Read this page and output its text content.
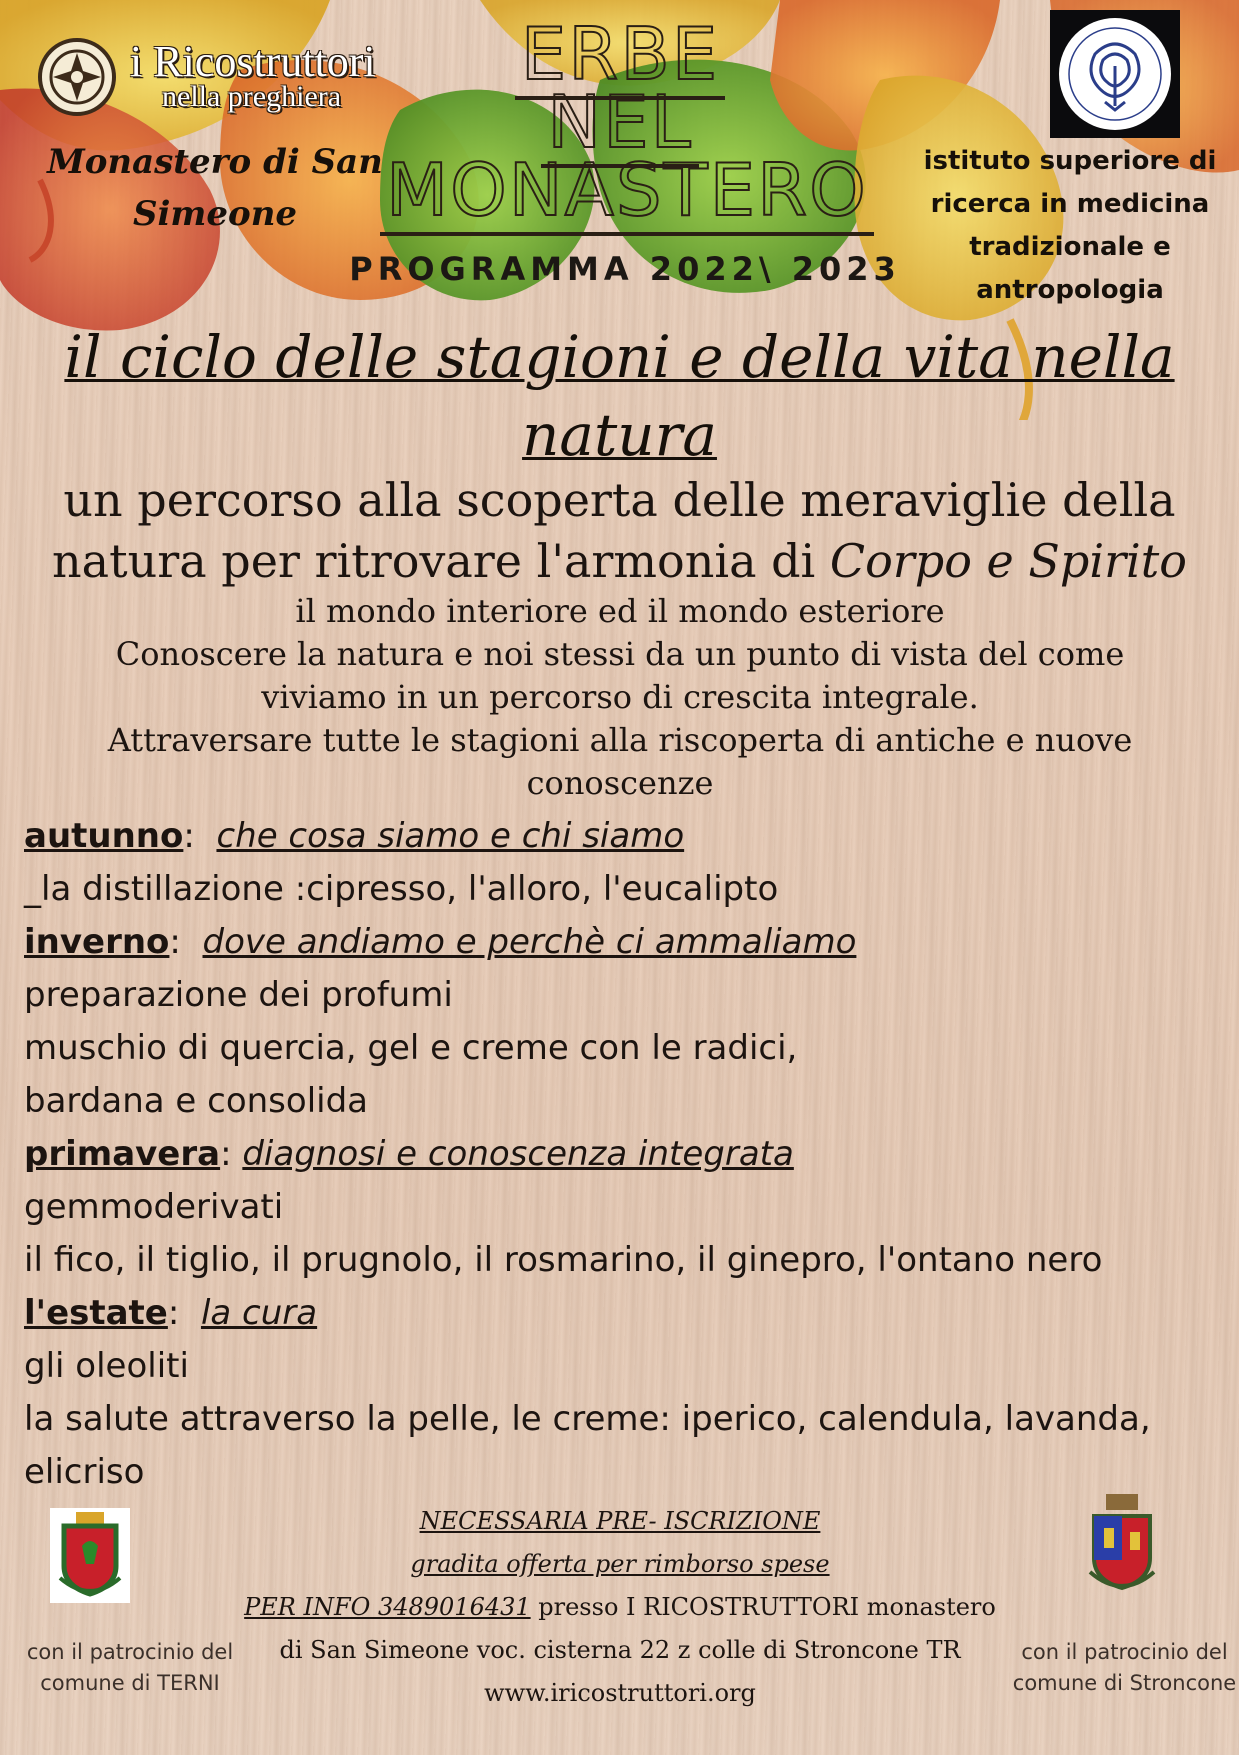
i Ricostruttori
nella preghiera
Monastero di San
Simeone
ERBE
NEL
MONASTERO
PROGRAMMA 2022\ 2023
istituto superiore di
ricerca in medicina
tradizionale e
antropologia
il ciclo delle stagioni e della vita nella natura
un percorso alla scoperta delle meraviglie della
natura per ritrovare l'armonia di Corpo e Spirito
il mondo interiore ed il mondo esteriore
Conoscere la natura e noi stessi da un punto di vista del come
viviamo in un percorso di crescita integrale.
Attraversare tutte le stagioni alla riscoperta di antiche e nuove
conoscenze
autunno:  che cosa siamo e chi siamo
_la distillazione :cipresso, l'alloro, l'eucalipto
inverno:  dove andiamo e perchè ci ammaliamo
preparazione dei profumi
muschio di quercia, gel e creme con le radici,
bardana e consolida
primavera: diagnosi e conoscenza integrata
gemmoderivati
il fico, il tiglio, il prugnolo, il rosmarino, il ginepro, l'ontano nero
l'estate:  la cura
gli oleoliti
la salute attraverso la pelle, le creme: iperico, calendula, lavanda,
elicriso
NECESSARIA PRE- ISCRIZIONE
gradita offerta per rimborso spese
PER INFO 3489016431 presso I RICOSTRUTTORI monastero
di San Simeone voc. cisterna 22 z colle di Stroncone TR
www.iricostruttori.org
con il patrocinio del
comune di TERNI
con il patrocinio del
comune di Stroncone
